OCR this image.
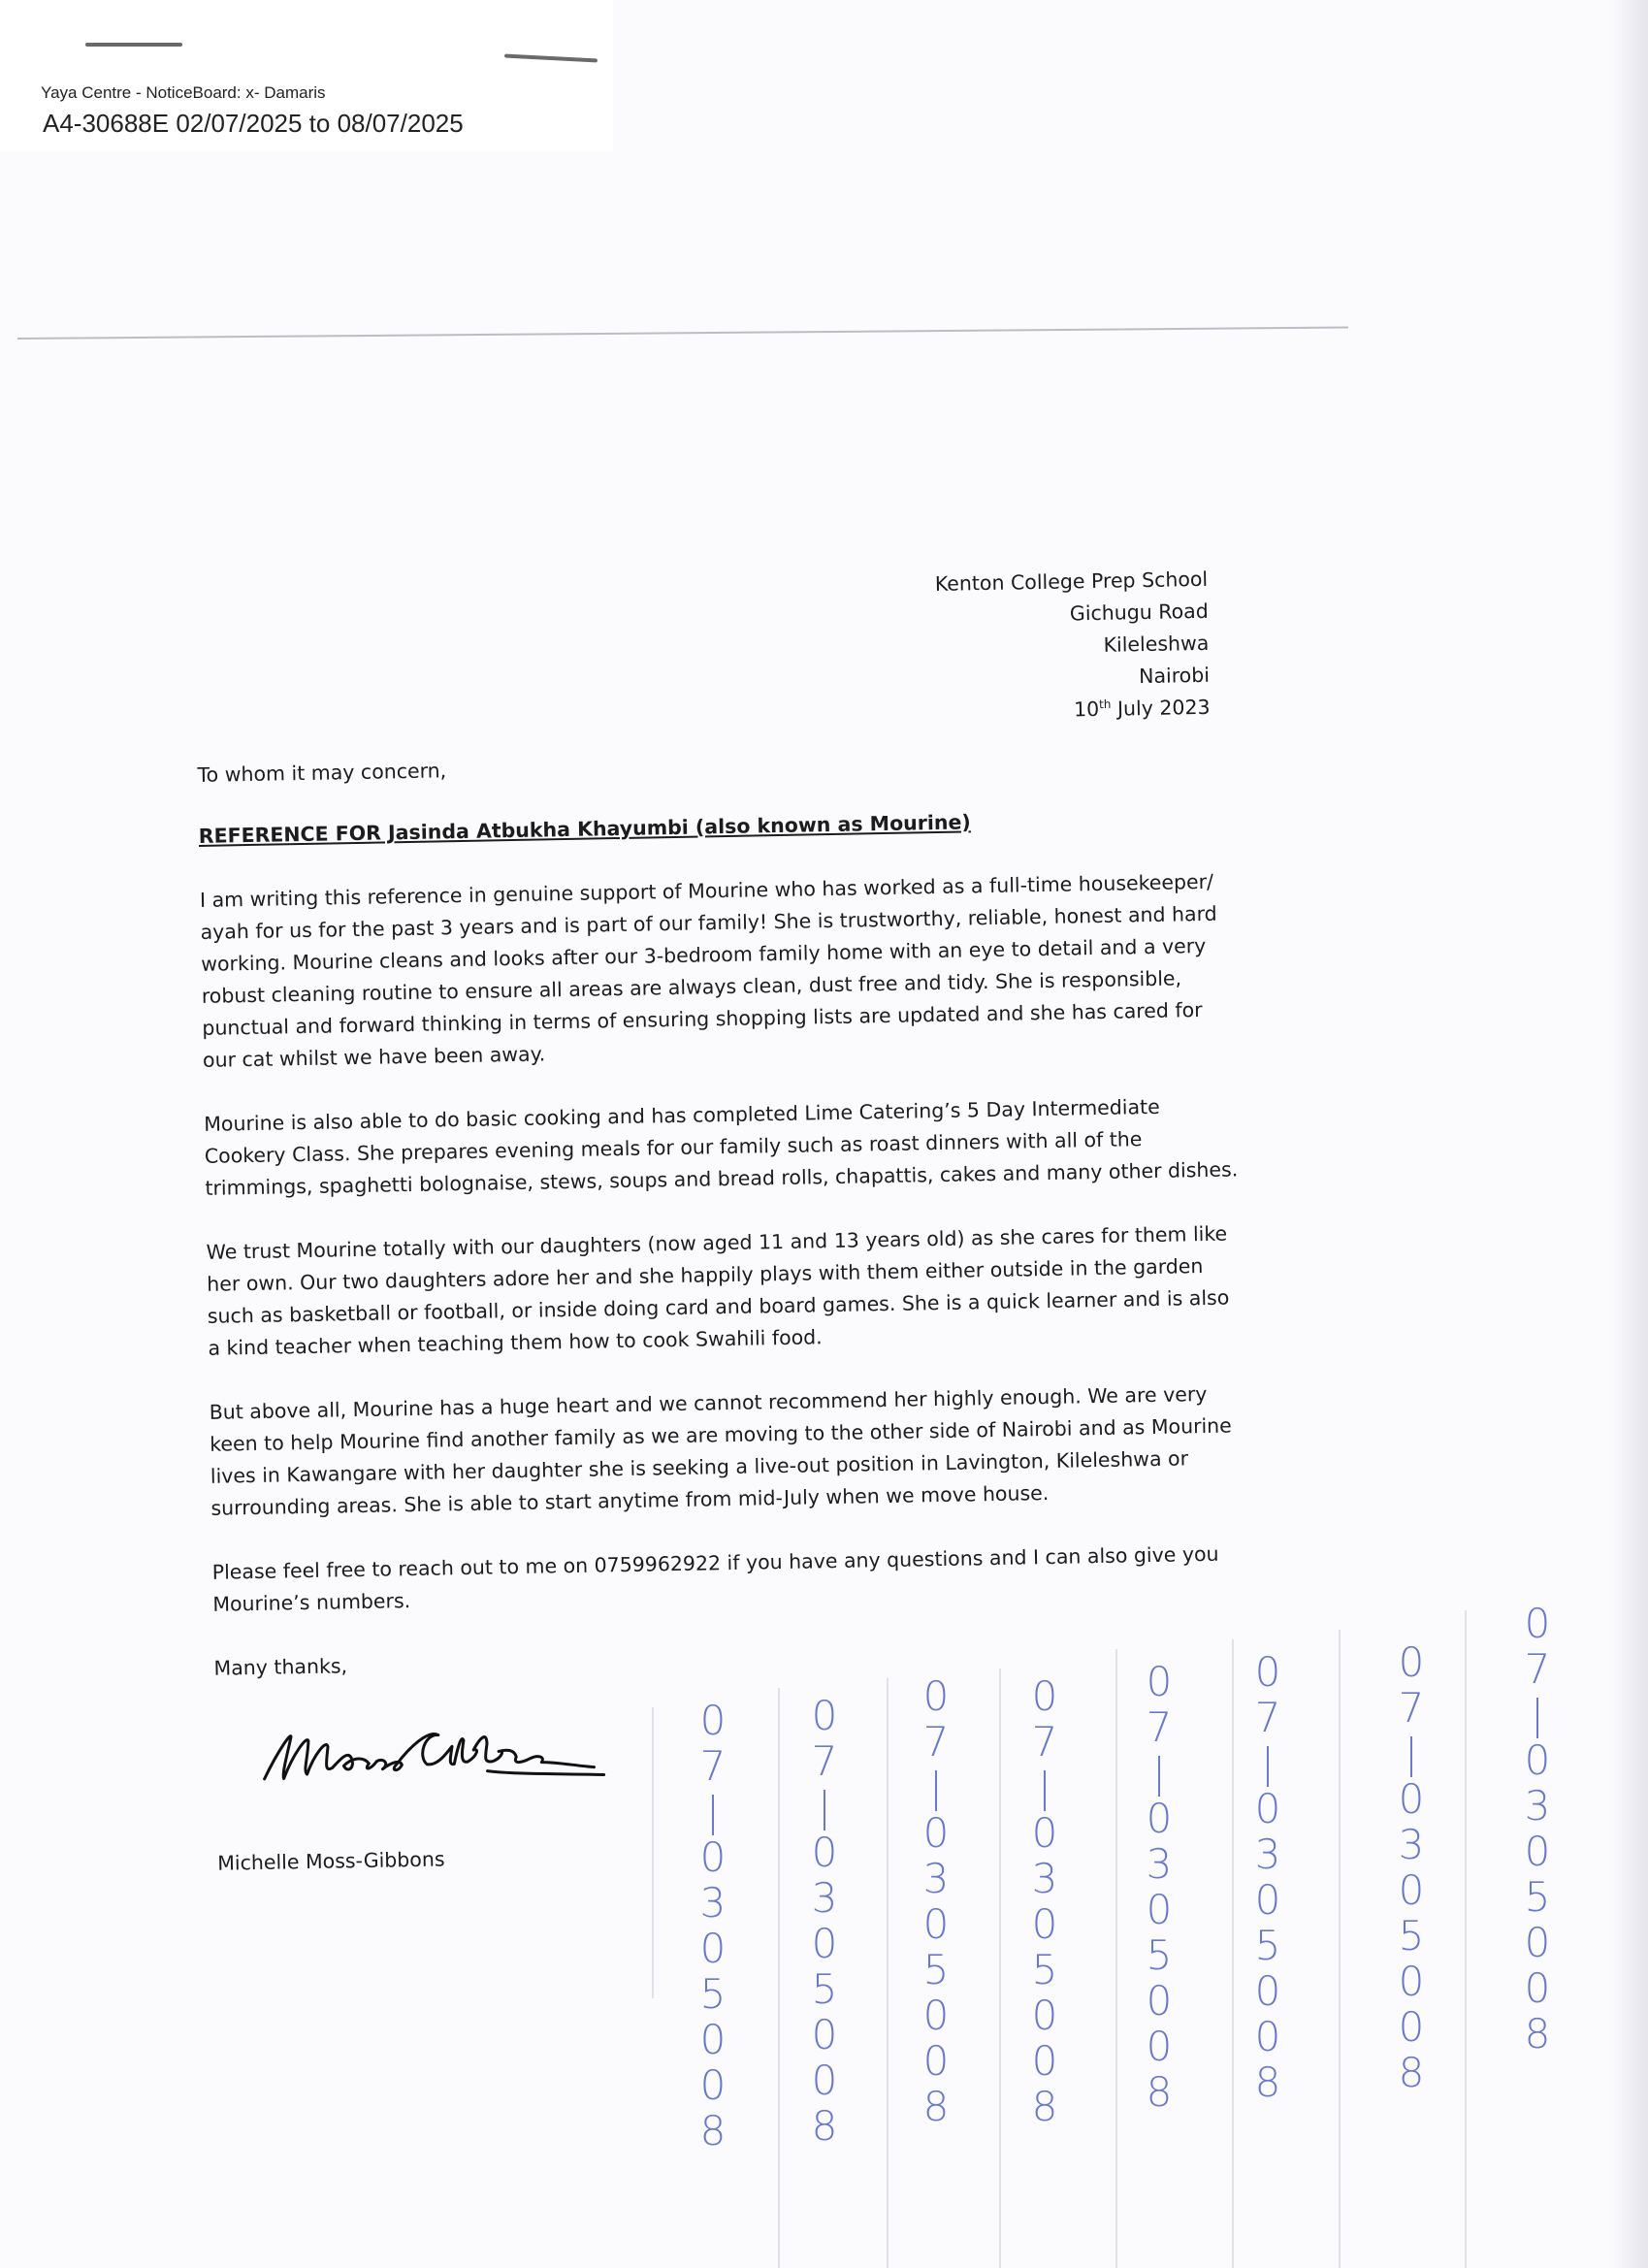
Yaya Centre - NoticeBoard: x- Damaris
A4-30688E 02/07/2025 to 08/07/2025
Kenton College Prep School
Gichugu Road
Kileleshwa
Nairobi
10th July 2023
To whom it may concern,
REFERENCE FOR Jasinda Atbukha Khayumbi (also known as Mourine)
I am writing this reference in genuine support of Mourine who has worked as a full-time housekeeper/ ayah for us for the past 3 years and is part of our family! She is trustworthy, reliable, honest and hard working. Mourine cleans and looks after our 3-bedroom family home with an eye to detail and a very robust cleaning routine to ensure all areas are always clean, dust free and tidy. She is responsible, punctual and forward thinking in terms of ensuring shopping lists are updated and she has cared for our cat whilst we have been away.
Mourine is also able to do basic cooking and has completed Lime Catering’s 5 Day Intermediate Cookery Class. She prepares evening meals for our family such as roast dinners with all of the trimmings, spaghetti bolognaise, stews, soups and bread rolls, chapattis, cakes and many other dishes.
We trust Mourine totally with our daughters (now aged 11 and 13 years old) as she cares for them like her own. Our two daughters adore her and she happily plays with them either outside in the garden such as basketball or football, or inside doing card and board games. She is a quick learner and is also a kind teacher when teaching them how to cook Swahili food.
But above all, Mourine has a huge heart and we cannot recommend her highly enough. We are very keen to help Mourine find another family as we are moving to the other side of Nairobi and as Mourine lives in Kawangare with her daughter she is seeking a live-out position in Lavington, Kileleshwa or surrounding areas. She is able to start anytime from mid-July when we move house.
Please feel free to reach out to me on 0759962922 if you have any questions and I can also give you Mourine’s numbers.
Many thanks,
Michelle Moss-Gibbons
0
7
|
0
3
0
5
0
0
8
0
7
|
0
3
0
5
0
0
8
0
7
|
0
3
0
5
0
0
8
0
7
|
0
3
0
5
0
0
8
0
7
|
0
3
0
5
0
0
8
0
7
|
0
3
0
5
0
0
8
0
7
|
0
3
0
5
0
0
8
0
7
|
0
3
0
5
0
0
8
